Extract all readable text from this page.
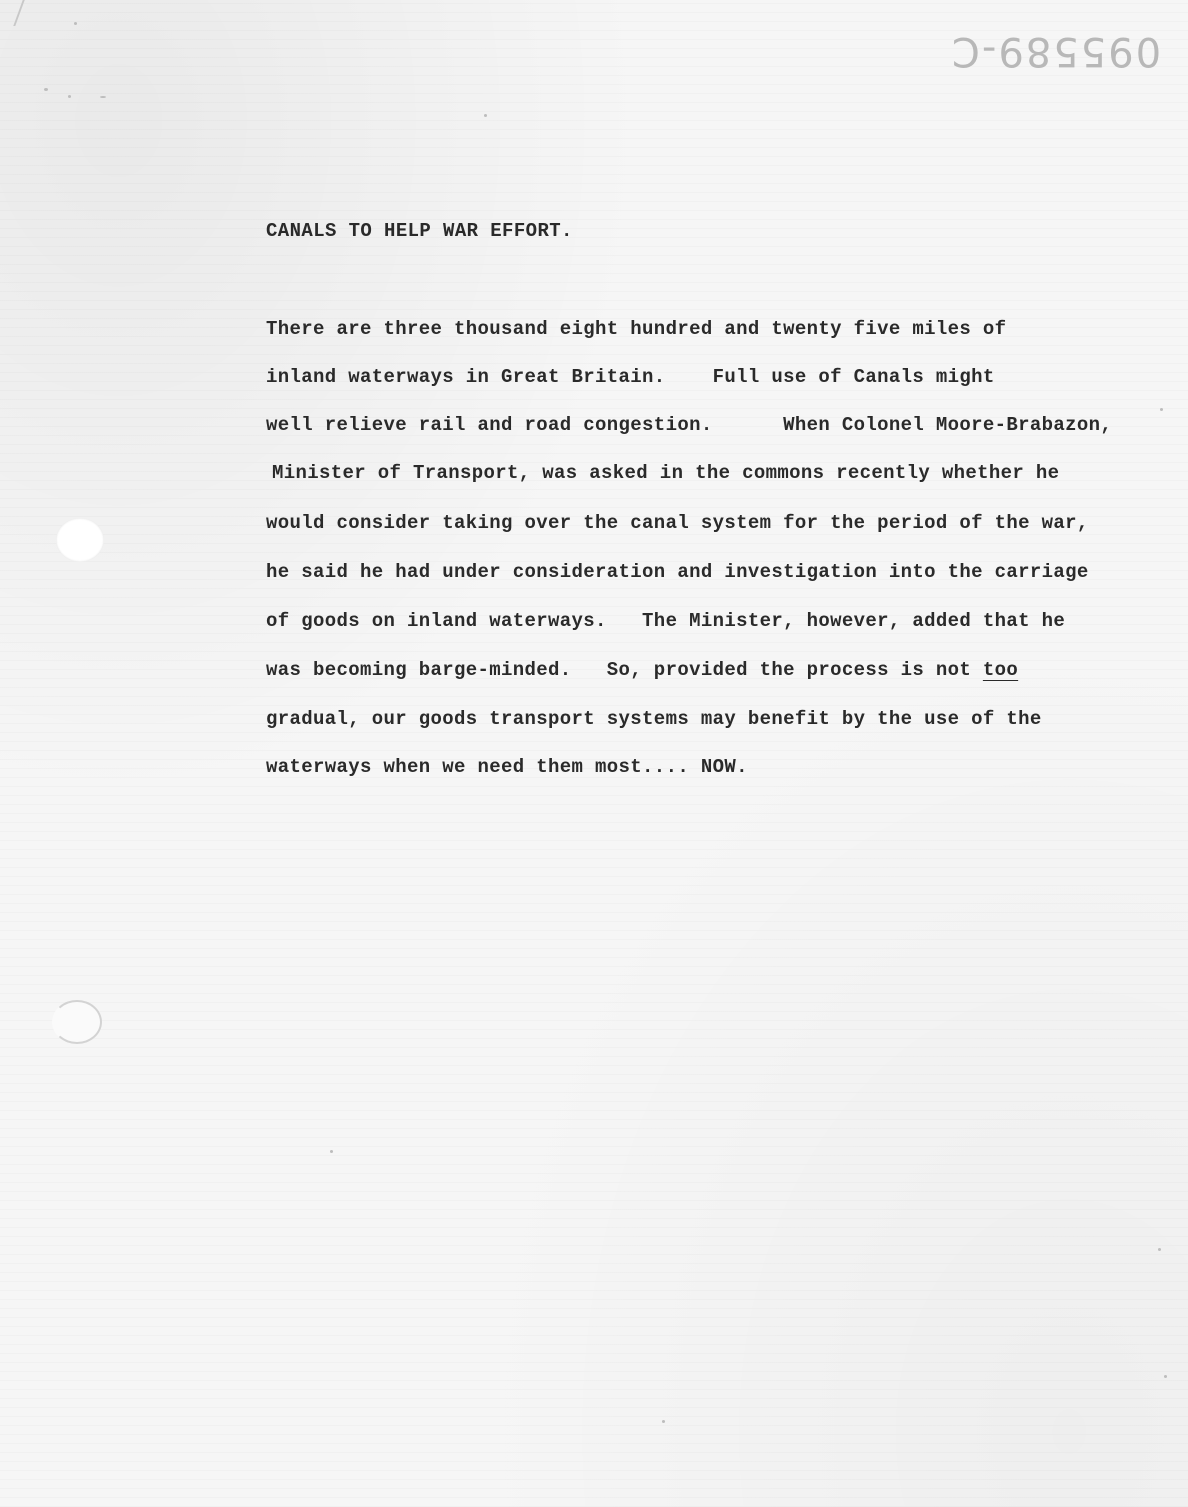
095589-C
CANALS TO HELP WAR EFFORT.
There are three thousand eight hundred and twenty five miles of
inland waterways in Great Britain.    Full use of Canals might
well relieve rail and road congestion.      When Colonel Moore-Brabazon,
Minister of Transport, was asked in the commons recently whether he
would consider taking over the canal system for the period of the war,
he said he had under consideration and investigation into the carriage
of goods on inland waterways.   The Minister, however, added that he
was becoming barge-minded.   So, provided the process is not too
gradual, our goods transport systems may benefit by the use of the
waterways when we need them most.... NOW.
